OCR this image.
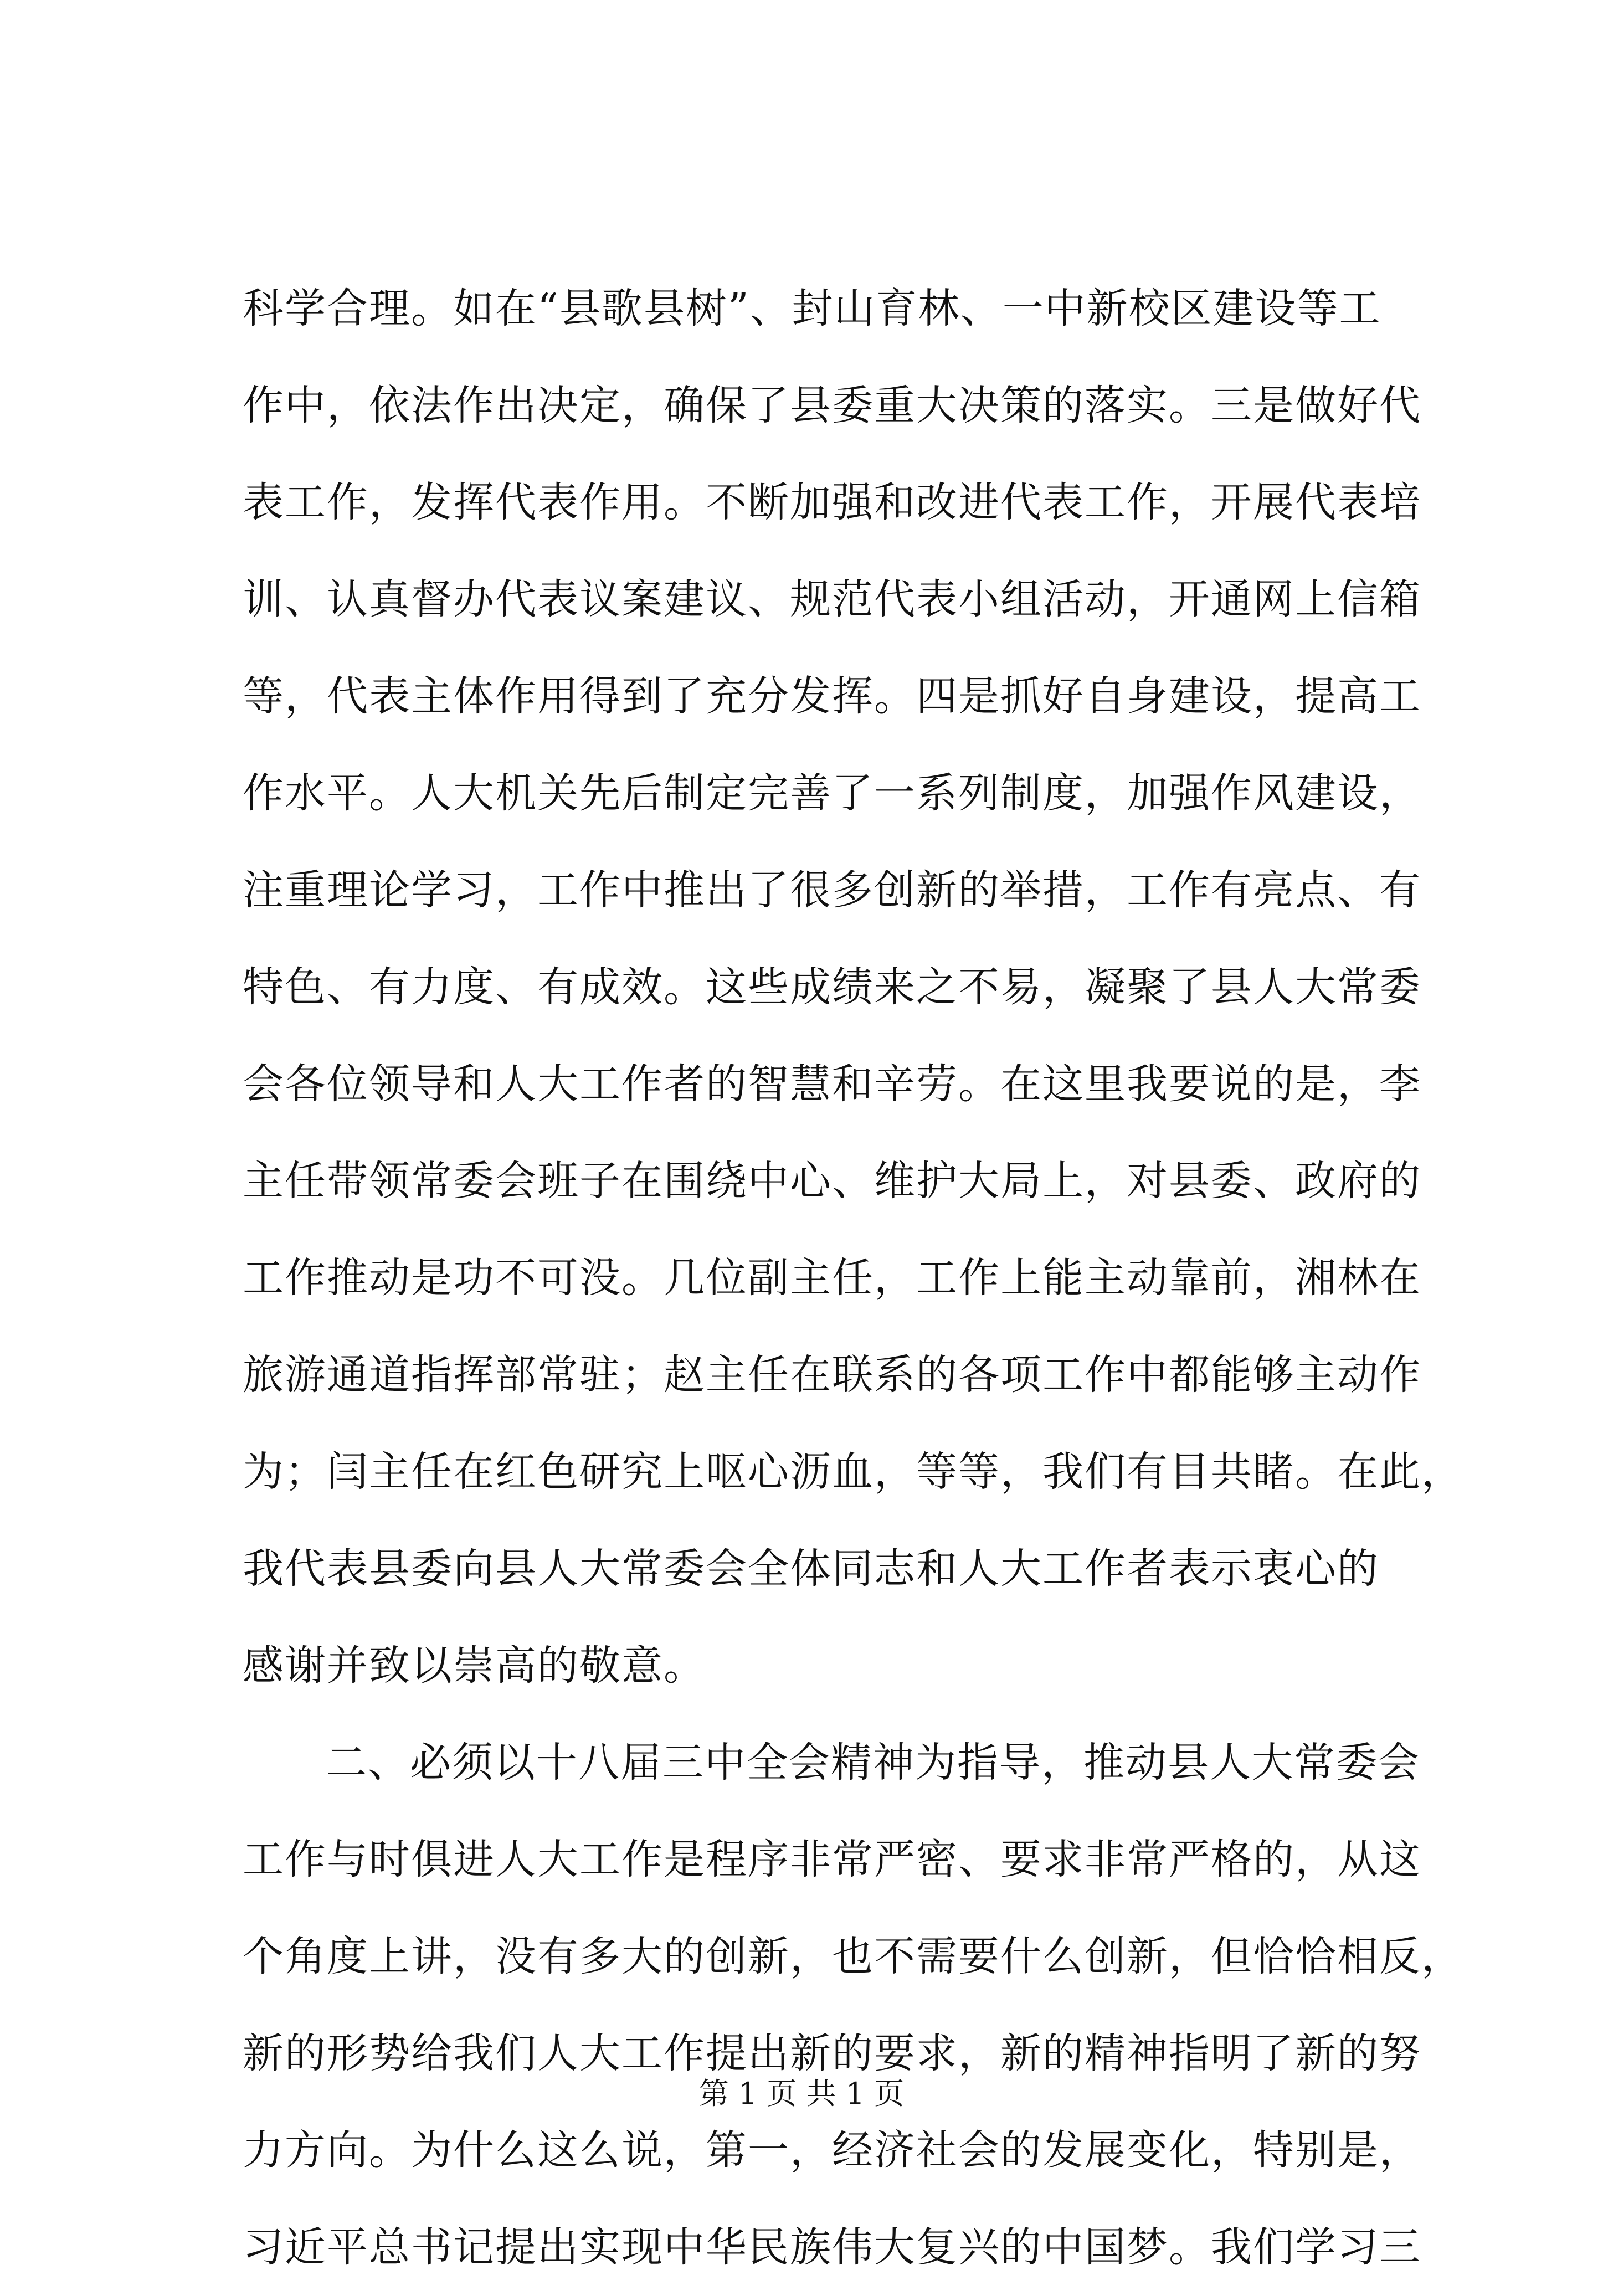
科学合理。如在“县歌县树”、封山育林、一中新校区建设等工
作中，依法作出决定，确保了县委重大决策的落实。三是做好代
表工作，发挥代表作用。不断加强和改进代表工作，开展代表培
训、认真督办代表议案建议、规范代表小组活动，开通网上信箱
等，代表主体作用得到了充分发挥。四是抓好自身建设，提高工
作水平。人大机关先后制定完善了一系列制度，加强作风建设，
注重理论学习，工作中推出了很多创新的举措，工作有亮点、有
特色、有力度、有成效。这些成绩来之不易，凝聚了县人大常委
会各位领导和人大工作者的智慧和辛劳。在这里我要说的是，李
主任带领常委会班子在围绕中心、维护大局上，对县委、政府的
工作推动是功不可没。几位副主任，工作上能主动靠前，湘林在
旅游通道指挥部常驻；赵主任在联系的各项工作中都能够主动作
为；闫主任在红色研究上呕心沥血，等等，我们有目共睹。在此，
我代表县委向县人大常委会全体同志和人大工作者表示衷心的
感谢并致以崇高的敬意。
二、必须以十八届三中全会精神为指导，推动县人大常委会
工作与时俱进人大工作是程序非常严密、要求非常严格的，从这
个角度上讲，没有多大的创新，也不需要什么创新，但恰恰相反，
新的形势给我们人大工作提出新的要求，新的精神指明了新的努
力方向。为什么这么说，第一，经济社会的发展变化，特别是，
习近平总书记提出实现中华民族伟大复兴的中国梦。我们学习三
第 1 页 共 1 页
